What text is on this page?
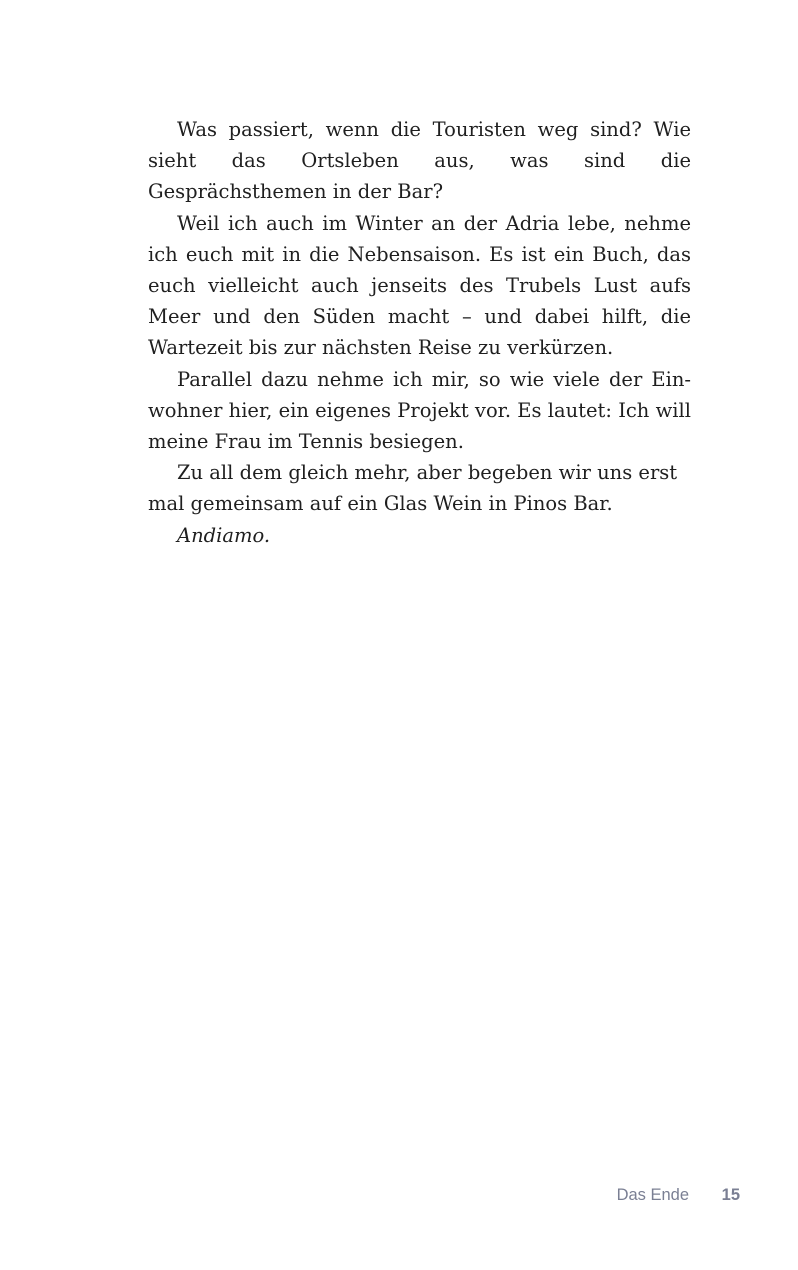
Was passiert, wenn die Touristen weg sind? Wie sieht das Ortsleben aus, was sind die Gesprächsthemen in der Bar?

Weil ich auch im Winter an der Adria lebe, nehme ich euch mit in die Nebensaison. Es ist ein Buch, das euch vielleicht auch jenseits des Trubels Lust aufs Meer und den Süden macht – und dabei hilft, die Wartezeit bis zur nächsten Reise zu verkürzen.

Parallel dazu nehme ich mir, so wie viele der Ein-wohner hier, ein eigenes Projekt vor. Es lautet: Ich will meine Frau im Tennis besiegen.

Zu all dem gleich mehr, aber begeben wir uns erst mal gemeinsam auf ein Glas Wein in Pinos Bar.

Andiamo.

Das Ende 15
